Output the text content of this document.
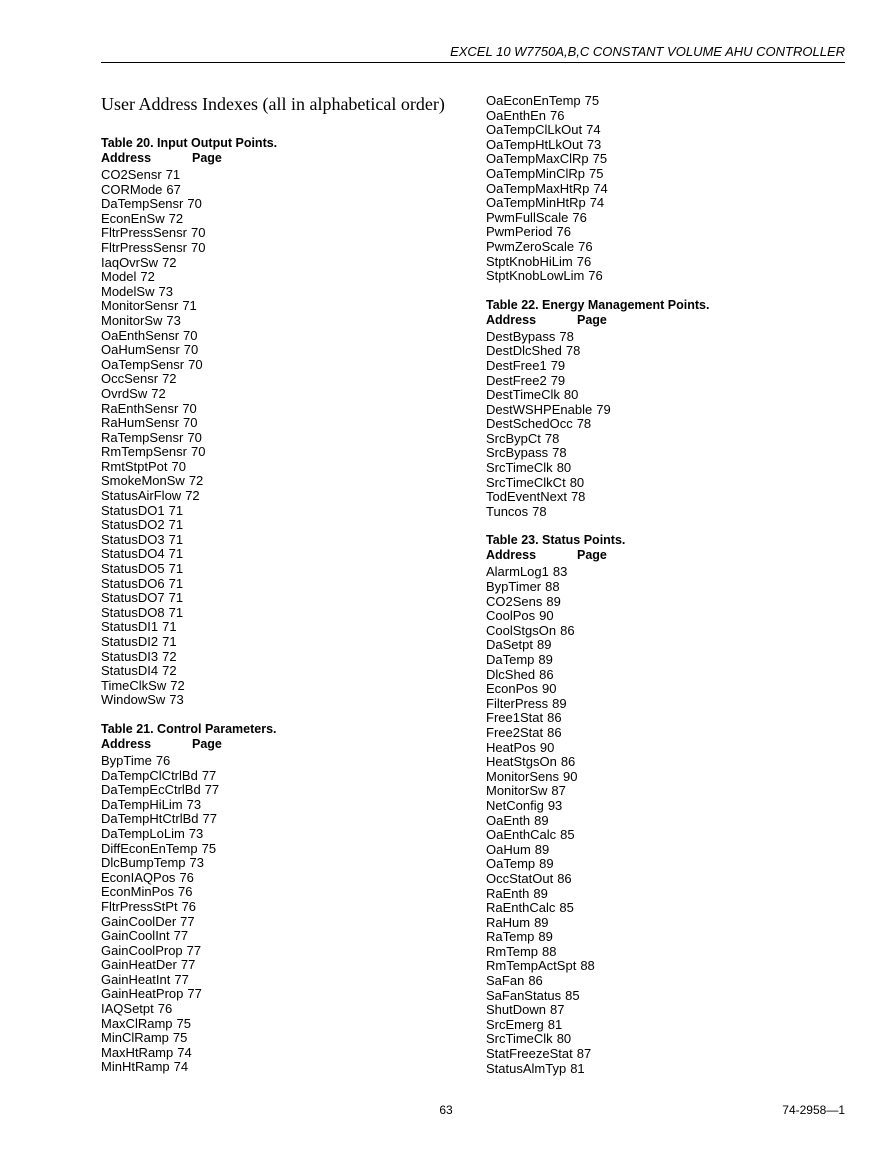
EXCEL 10 W7750A,B,C CONSTANT VOLUME AHU CONTROLLER
User Address Indexes (all in alphabetical order)
Table 20. Input Output Points.
Address	Page
CO2Sensr 71
CORMode 67
DaTempSensr 70
EconEnSw 72
FltrPressSensr 70
FltrPressSensr 70
IaqOvrSw 72
Model 72
ModelSw 73
MonitorSensr 71
MonitorSw 73
OaEnthSensr 70
OaHumSensr 70
OaTempSensr 70
OccSensr 72
OvrdSw 72
RaEnthSensr 70
RaHumSensr 70
RaTempSensr 70
RmTempSensr 70
RmtStptPot 70
SmokeMonSw 72
StatusAirFlow 72
StatusDO1 71
StatusDO2 71
StatusDO3 71
StatusDO4 71
StatusDO5 71
StatusDO6 71
StatusDO7 71
StatusDO8 71
StatusDI1 71
StatusDI2 71
StatusDI3 72
StatusDI4 72
TimeClkSw 72
WindowSw 73
Table 21. Control Parameters.
Address	Page
BypTime 76
DaTempClCtrlBd 77
DaTempEcCtrlBd 77
DaTempHiLim 73
DaTempHtCtrlBd 77
DaTempLoLim 73
DiffEconEnTemp 75
DlcBumpTemp 73
EconIAQPos 76
EconMinPos 76
FltrPressStPt 76
GainCoolDer 77
GainCoolInt 77
GainCoolProp 77
GainHeatDer 77
GainHeatInt 77
GainHeatProp 77
IAQSetpt 76
MaxClRamp 75
MinClRamp 75
MaxHtRamp 74
MinHtRamp 74
OaEconEnTemp 75
OaEnthEn 76
OaTempClLkOut 74
OaTempHtLkOut 73
OaTempMaxClRp 75
OaTempMinClRp 75
OaTempMaxHtRp 74
OaTempMinHtRp 74
PwmFullScale 76
PwmPeriod 76
PwmZeroScale 76
StptKnobHiLim 76
StptKnobLowLim 76
Table 22. Energy Management Points.
Address	Page
DestBypass 78
DestDlcShed 78
DestFree1 79
DestFree2 79
DestTimeClk 80
DestWSHPEnable 79
DestSchedOcc 78
SrcBypCt 78
SrcBypass 78
SrcTimeClk 80
SrcTimeClkCt 80
TodEventNext 78
Tuncos 78
Table 23. Status Points.
Address	Page
AlarmLog1 83
BypTimer 88
CO2Sens 89
CoolPos 90
CoolStgsOn 86
DaSetpt 89
DaTemp 89
DlcShed 86
EconPos 90
FilterPress 89
Free1Stat 86
Free2Stat 86
HeatPos 90
HeatStgsOn 86
MonitorSens 90
MonitorSw 87
NetConfig 93
OaEnth 89
OaEnthCalc 85
OaHum 89
OaTemp 89
OccStatOut 86
RaEnth 89
RaEnthCalc 85
RaHum 89
RaTemp 89
RmTemp 88
RmTempActSpt 88
SaFan 86
SaFanStatus 85
ShutDown 87
SrcEmerg 81
SrcTimeClk 80
StatFreezeStat 87
StatusAlmTyp 81
63	74-2958—1
